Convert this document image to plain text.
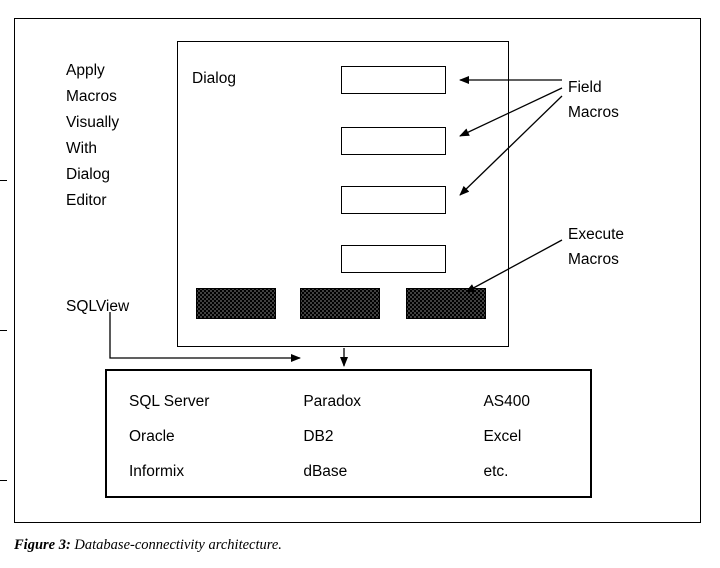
Apply
Macros
Visually
With
Dialog
Editor
SQLView
Dialog
Field
Macros
Execute
Macros
SQL Server	Paradox	AS400
Oracle	DB2	Excel
Informix	dBase	etc.
Figure 3: Database-connectivity architecture.
